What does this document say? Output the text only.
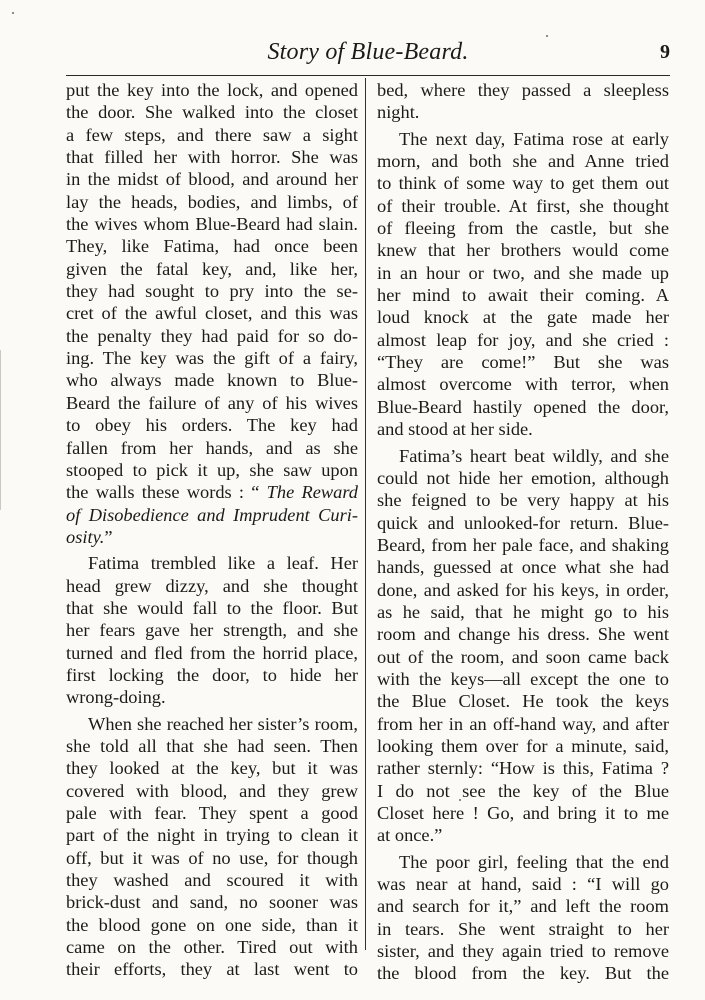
Story of Blue-Beard.	9
put the key into the lock, and opened
the door. She walked into the closet
a few steps, and there saw a sight
that filled her with horror. She was
in the midst of blood, and around her
lay the heads, bodies, and limbs, of
the wives whom Blue-Beard had slain.
They, like Fatima, had once been
given the fatal key, and, like her,
they had sought to pry into the se-
cret of the awful closet, and this was
the penalty they had paid for so do-
ing. The key was the gift of a fairy,
who always made known to Blue-
Beard the failure of any of his wives
to obey his orders. The key had
fallen from her hands, and as she
stooped to pick it up, she saw upon
the walls these words : “ The Reward
of Disobedience and Imprudent Curi-
osity.”
Fatima trembled like a leaf. Her
head grew dizzy, and she thought
that she would fall to the floor. But
her fears gave her strength, and she
turned and fled from the horrid place,
first locking the door, to hide her
wrong-doing.
When she reached her sister’s room,
she told all that she had seen. Then
they looked at the key, but it was
covered with blood, and they grew
pale with fear. They spent a good
part of the night in trying to clean it
off, but it was of no use, for though
they washed and scoured it with
brick-dust and sand, no sooner was
the blood gone on one side, than it
came on the other. Tired out with
their efforts, they at last went to
bed, where they passed a sleepless
night.
The next day, Fatima rose at early
morn, and both she and Anne tried
to think of some way to get them out
of their trouble. At first, she thought
of fleeing from the castle, but she
knew that her brothers would come
in an hour or two, and she made up
her mind to await their coming. A
loud knock at the gate made her
almost leap for joy, and she cried :
“They are come!” But she was
almost overcome with terror, when
Blue-Beard hastily opened the door,
and stood at her side.
Fatima’s heart beat wildly, and she
could not hide her emotion, although
she feigned to be very happy at his
quick and unlooked-for return. Blue-
Beard, from her pale face, and shaking
hands, guessed at once what she had
done, and asked for his keys, in order,
as he said, that he might go to his
room and change his dress. She went
out of the room, and soon came back
with the keys—all except the one to
the Blue Closet. He took the keys
from her in an off-hand way, and after
looking them over for a minute, said,
rather sternly: “How is this, Fatima ?
I do not see the key of the Blue
Closet here ! Go, and bring it to me
at once.”
The poor girl, feeling that the end
was near at hand, said : “I will go
and search for it,” and left the room
in tears. She went straight to her
sister, and they again tried to remove
the blood from the key. But the
